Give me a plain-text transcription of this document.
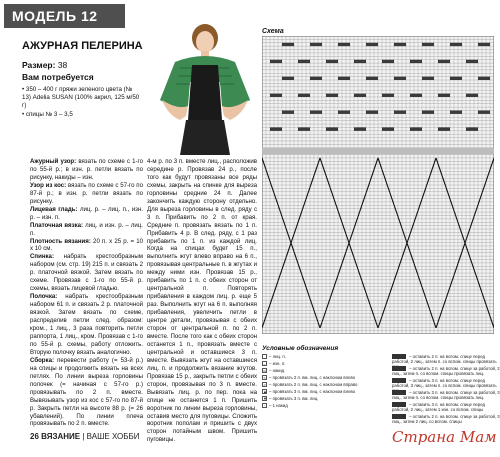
МОДЕЛЬ 12
АЖУРНАЯ ПЕЛЕРИНА
Размер: 38
Вам потребуется

• 350 – 400 г пряжи зеленого цвета (№ 13) Adelia SUSAN (100% акрил, 125 м/50 г)

• спицы № 3 – 3,5

Ажурный узор: вязать по схеме с 1-го по 55-й р.; в изн. р. петли вязать по рисунку, накиды – изн.

Узор из кос: вязать по схеме с 57-го по 87-й р.; в изн. р. петли вязать по рисунку.

Лицевая гладь: лиц. р. – лиц. п., изн. р. – изн. п.

Платочная вязка: лиц. и изн. р. – лиц. п.

Плотность вязания: 20 п. х 25 р. = 10 х 10 см.

Спинка: набрать крестообразным набором (см. стр. 19) 215 п. и связать 2 р. платочной вязкой. Затем вязать по схеме. Провязав с 1-го по 55-й р. схемы, вязать лицевой гладью.

Полочка: набрать крестообразным набором 61 п. и связать 2 р. платочной вязкой. Затем вязать по схеме, распределив петли след. образом: кром., 1 лиц., 3 раза повторить петли раппорта, 1 лиц., кром. Провязав с 1-го по 55-й р. схемы, работу отложить. Вторую полочку вязать аналогично.

Сборка: перевести работу (= 53-й р.) на спицы и продолжить вязать на всех петлях. По линии выреза горловины полочек (= начиная с 57-го р.) провязывать по 2 п. вместе. Вывязывать узор из кос с 57-го по 87-й р. Закрыть петли на высоте 88 р. (= 26 убавлений). По линии плеча провязывать по 2 п. вместе.

4-м р. по 3 п. вместе лиц., расположив середине р. Провязав 24 р., после того как будут провязаны все ряды схемы, закрыть на спинке для выреза горловины средние 24 п. Далее закончить каждую сторону отдельно. Для выреза горловины в след. ряду с 3 п. Прибавить по 2 п. от края. Средние п. провязать вязать по 1 п. Прибавить 4 р. В след. ряду, с 1 раз прибавить по 1 п. из каждой лиц. Когда на спицах будет 15 п., выполнить жгут влево вправо на 6 п., провязывая центральные п. в жгутах и между ними изн. Провязав 15 р., прибавить по 1 п. с обеих сторон от центральной п. Повторять прибавления в каждом лиц. р. еще 5 раз. Выполнить жгут на 6 п. выполняя прибавления, увеличить петли в центре детали, провязывая с обеих сторон от центральной п. по 2 п. вместе. После того как с обеих сторон останется 1 п., провязать вместе с центральной и оставшиеся 3 п. вместе. Вывязать жгут на оставшиеся лиц. п. и продолжить вязание жгутов. Провязав 15 р., закрыть петли с обеих сторон, провязывая по 3 п. вместе. Вывязать лиц. р. по пер. пока на спице не останется 1 п. Пришить воротник по линии выреза горловины, оставив место для пуговицы. Сложить воротник пополам и пришить с двух сторон потайным швом. Пришить пуговицы.

26 ВЯЗАНИЕ | ВАШЕ ХОББИ
Схема
Условные обозначения
– лиц. п.
– – изн. п.
o – накид
< – провязать 2 п. вм. лиц. с наклоном влево
> – провязать 2 п. вм. лиц. с наклоном вправо
▲ – провязать 3 п. вм. лиц. с наклоном влево
▼ – провязать 3 п. вм. лиц.
· – 1 накид
– оставить 2 п. на вспом. спице перед работой, 2 лиц., затем п. со вспом. спицы провязать
– оставить 2 п. на вспом. спице за работой, 2 лиц., затем п. со вспом. спицы провязать лиц.
– оставить 3 п. на вспом. спице перед работой, 3 лиц., затем п. со вспом. спицы провязать
– оставить 3 п. на вспом. спице за работой, 3 лиц., затем п. со вспом. спицы провязать лиц.
– оставить 3 п. на вспом. спице перед работой, 2 лиц., затем 1 изн. со вспом. спицы
– оставить 2 п. на вспом. спице за работой, 3 лиц., затем 2 лиц. со вспом. спицы
Страна Мам
